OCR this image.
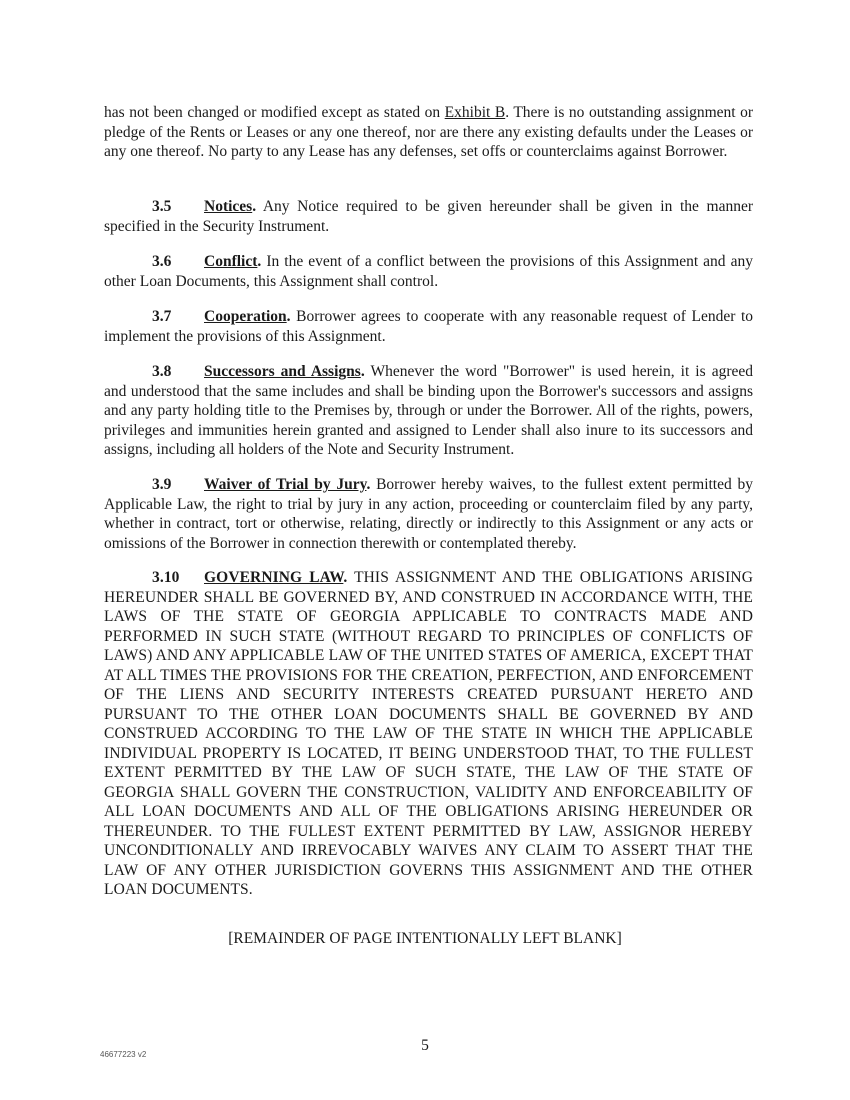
has not been changed or modified except as stated on Exhibit B. There is no outstanding assignment or pledge of the Rents or Leases or any one thereof, nor are there any existing defaults under the Leases or any one thereof. No party to any Lease has any defenses, set offs or counterclaims against Borrower.

3.5 Notices. Any Notice required to be given hereunder shall be given in the manner specified in the Security Instrument.

3.6 Conflict. In the event of a conflict between the provisions of this Assignment and any other Loan Documents, this Assignment shall control.

3.7 Cooperation. Borrower agrees to cooperate with any reasonable request of Lender to implement the provisions of this Assignment.

3.8 Successors and Assigns. Whenever the word "Borrower" is used herein, it is agreed and understood that the same includes and shall be binding upon the Borrower's successors and assigns and any party holding title to the Premises by, through or under the Borrower. All of the rights, powers, privileges and immunities herein granted and assigned to Lender shall also inure to its successors and assigns, including all holders of the Note and Security Instrument.

3.9 Waiver of Trial by Jury. Borrower hereby waives, to the fullest extent permitted by Applicable Law, the right to trial by jury in any action, proceeding or counterclaim filed by any party, whether in contract, tort or otherwise, relating, directly or indirectly to this Assignment or any acts or omissions of the Borrower in connection therewith or contemplated thereby.

3.10 GOVERNING LAW. THIS ASSIGNMENT AND THE OBLIGATIONS ARISING HEREUNDER SHALL BE GOVERNED BY, AND CONSTRUED IN ACCORDANCE WITH, THE LAWS OF THE STATE OF GEORGIA APPLICABLE TO CONTRACTS MADE AND PERFORMED IN SUCH STATE (WITHOUT REGARD TO PRINCIPLES OF CONFLICTS OF LAWS) AND ANY APPLICABLE LAW OF THE UNITED STATES OF AMERICA, EXCEPT THAT AT ALL TIMES THE PROVISIONS FOR THE CREATION, PERFECTION, AND ENFORCEMENT OF THE LIENS AND SECURITY INTERESTS CREATED PURSUANT HERETO AND PURSUANT TO THE OTHER LOAN DOCUMENTS SHALL BE GOVERNED BY AND CONSTRUED ACCORDING TO THE LAW OF THE STATE IN WHICH THE APPLICABLE INDIVIDUAL PROPERTY IS LOCATED, IT BEING UNDERSTOOD THAT, TO THE FULLEST EXTENT PERMITTED BY THE LAW OF SUCH STATE, THE LAW OF THE STATE OF GEORGIA SHALL GOVERN THE CONSTRUCTION, VALIDITY AND ENFORCEABILITY OF ALL LOAN DOCUMENTS AND ALL OF THE OBLIGATIONS ARISING HEREUNDER OR THEREUNDER. TO THE FULLEST EXTENT PERMITTED BY LAW, ASSIGNOR HEREBY UNCONDITIONALLY AND IRREVOCABLY WAIVES ANY CLAIM TO ASSERT THAT THE LAW OF ANY OTHER JURISDICTION GOVERNS THIS ASSIGNMENT AND THE OTHER LOAN DOCUMENTS.

[REMAINDER OF PAGE INTENTIONALLY LEFT BLANK]
46677223 v2
5
